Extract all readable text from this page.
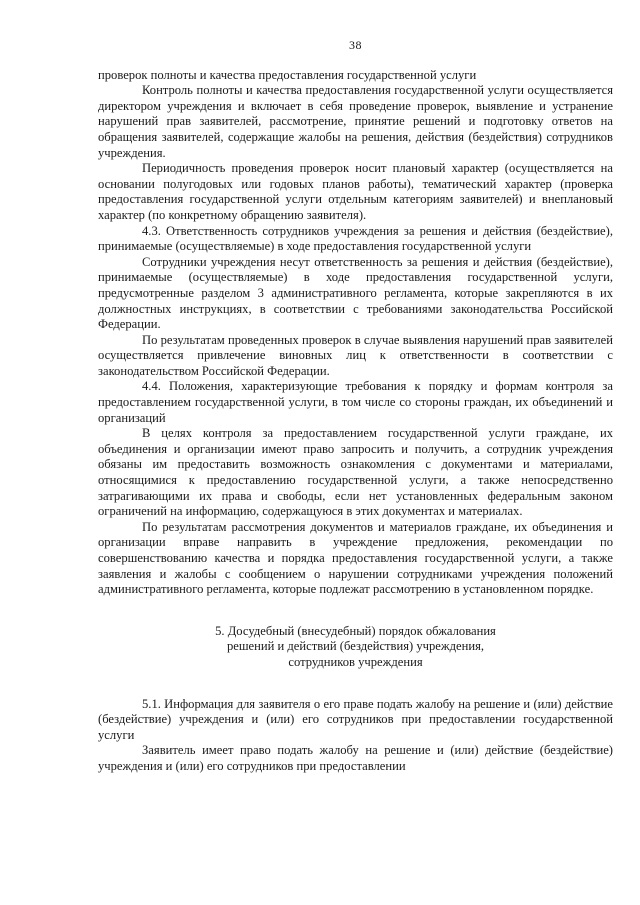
38

проверок полноты и качества предоставления государственной услуги

Контроль полноты и качества предоставления государственной услуги осуществляется директором учреждения и включает в себя проведение проверок, выявление и устранение нарушений прав заявителей, рассмотрение, принятие решений и подготовку ответов на обращения заявителей, содержащие жалобы на решения, действия (бездействия) сотрудников учреждения.

Периодичность проведения проверок носит плановый характер (осуществляется на основании полугодовых или годовых планов работы), тематический характер (проверка предоставления государственной услуги отдельным категориям заявителей) и внеплановый характер (по конкретному обращению заявителя).

4.3. Ответственность сотрудников учреждения за решения и действия (бездействие), принимаемые (осуществляемые) в ходе предоставления государственной услуги

Сотрудники учреждения несут ответственность за решения и действия (бездействие), принимаемые (осуществляемые) в ходе предоставления государственной услуги, предусмотренные разделом 3 административного регламента, которые закрепляются в их должностных инструкциях, в соответствии с требованиями законодательства Российской Федерации.

По результатам проведенных проверок в случае выявления нарушений прав заявителей осуществляется привлечение виновных лиц к ответственности в соответствии с законодательством Российской Федерации.

4.4. Положения, характеризующие требования к порядку и формам контроля за предоставлением государственной услуги, в том числе со стороны граждан, их объединений и организаций

В целях контроля за предоставлением государственной услуги граждане, их объединения и организации имеют право запросить и получить, а сотрудник учреждения обязаны им предоставить возможность ознакомления с документами и материалами, относящимися к предоставлению государственной услуги, а также непосредственно затрагивающими их права и свободы, если нет установленных федеральным законом ограничений на информацию, содержащуюся в этих документах и материалах.

По результатам рассмотрения документов и материалов граждане, их объединения и организации вправе направить в учреждение предложения, рекомендации по совершенствованию качества и порядка предоставления государственной услуги, а также заявления и жалобы с сообщением о нарушении сотрудниками учреждения положений административного регламента, которые подлежат рассмотрению в установленном порядке.

5. Досудебный (внесудебный) порядок обжалования
решений и действий (бездействия) учреждения,
сотрудников учреждения

5.1. Информация для заявителя о его праве подать жалобу на решение и (или) действие (бездействие) учреждения и (или) его сотрудников при предоставлении государственной услуги

Заявитель имеет право подать жалобу на решение и (или) действие (бездействие) учреждения и (или) его сотрудников при предоставлении
